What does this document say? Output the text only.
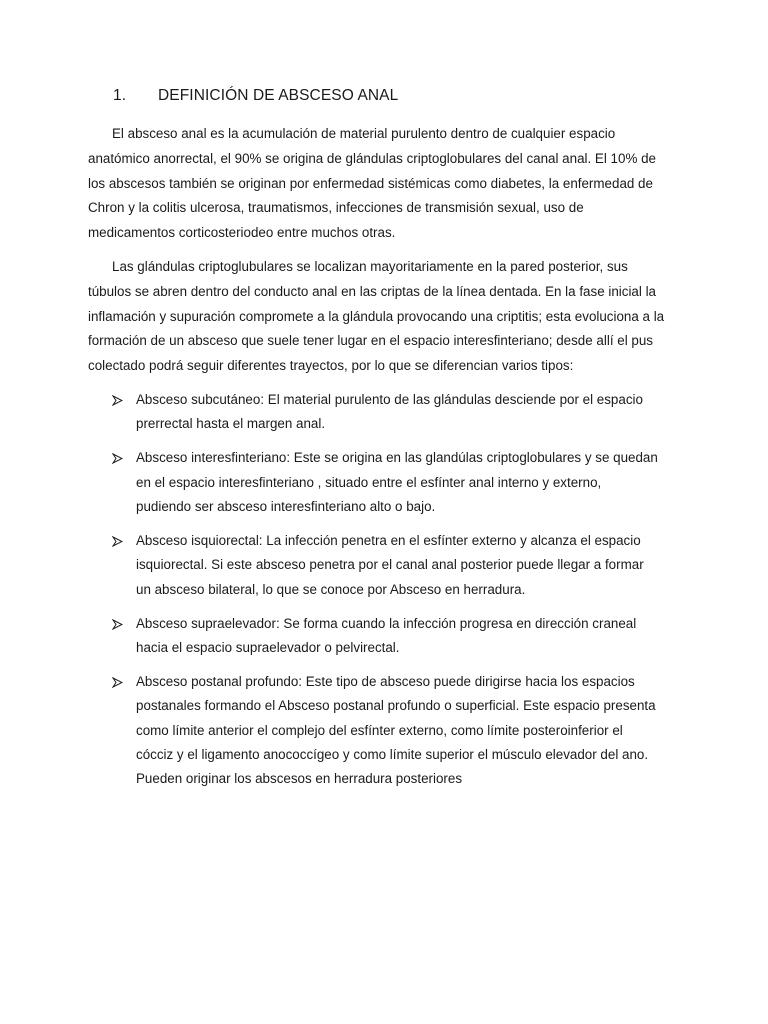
1. DEFINICIÓN DE ABSCESO ANAL

El absceso anal es la acumulación de material purulento dentro de cualquier espacio anatómico anorrectal, el 90% se origina de glándulas criptoglobulares del canal anal. El 10% de los abscesos también se originan por enfermedad sistémicas como diabetes, la enfermedad de Chron y la colitis ulcerosa, traumatismos, infecciones de transmisión sexual, uso de medicamentos corticosteriodeo entre muchos otras.

Las glándulas criptoglubulares se localizan mayoritariamente en la pared posterior, sus túbulos se abren dentro del conducto anal en las criptas de la línea dentada. En la fase inicial la inflamación y supuración compromete a la glándula provocando una criptitis; esta evoluciona a la formación de un absceso que suele tener lugar en el espacio interesfinteriano; desde allí el pus colectado podrá seguir diferentes trayectos, por lo que se diferencian varios tipos:

Absceso subcutáneo: El material purulento de las glándulas desciende por el espacio prerrectal hasta el margen anal.
Absceso interesfinteriano: Este se origina en las glandúlas criptoglobulares y se quedan en el espacio interesfinteriano , situado entre el esfínter anal interno y externo, pudiendo ser absceso interesfinteriano alto o bajo.
Absceso isquiorectal: La infección penetra en el esfínter externo y alcanza el espacio isquiorectal. Si este absceso penetra por el canal anal posterior puede llegar a formar un absceso bilateral, lo que se conoce por Absceso en herradura.
Absceso supraelevador: Se forma cuando la infección progresa en dirección craneal hacia el espacio supraelevador o pelvirectal.
Absceso postanal profundo: Este tipo de absceso puede dirigirse hacia los espacios postanales formando el Absceso postanal profundo o superficial. Este espacio presenta como límite anterior el complejo del esfínter externo, como límite posteroinferior el cócciz y el ligamento anococcígeo y como límite superior el músculo elevador del ano. Pueden originar los abscesos en herradura posteriores
